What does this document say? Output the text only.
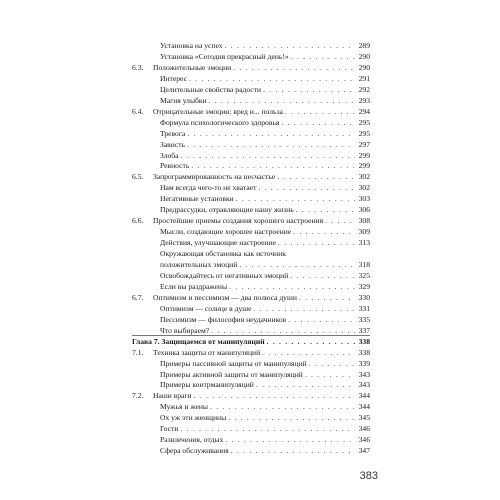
Установка на успех . . .	289
Установка «Сегодня прекрасный день!» . . .	290
6.3.	Положительные эмоции . . .	290
Интерес . . .	291
Целительные свойства радости . . .	292
Магия улыбки . . .	293
6.4.	Отрицательные эмоции: вред и... польза . . .	294
Формула психологического здоровья . . .	295
Тревога . . .	295
Зависть . . .	297
Злоба . . .	299
Ревность . . .	299
6.5.	Запрограммированность на несчастье . . .	302
Нам всегда чего-то не хватает . . .	302
Негативные установки . . .	303
Предрассудки, отравляющие нашу жизнь . . .	306
6.6.	Простейшие приемы создания хорошего настроения . . .	308
Мысли, создающие хорошее настроение . . .	309
Действия, улучшающие настроение . . .	313
Окружающая обстановка как источник
положительных эмоций . . .	318
Освобождайтесь от негативных эмоций . . .	325
Если вы раздражены . . .	329
6.7.	Оптимизм и пессимизм — два полюса души . . .	330
Оптимизм — солнце в душе . . .	331
Пессимизм — философия неудачников . . .	335
Что выбираем? . . .	337
Глава 7. Защищаемся от манипуляций . . .	338
7.1.	Техника защиты от манипуляций . . .	338
Примеры пассивной защиты от манипуляций . . .	339
Примеры активной защиты от манипуляций . . .	343
Примеры контрманипуляций . . .	343
7.2.	Наши враги . . .	344
Мужья и жены . . .	344
Ох уж эти женщины . . .	345
Гости . . .	346
Развлечения, отдых . . .	346
Сфера обслуживания . . .	347
383
